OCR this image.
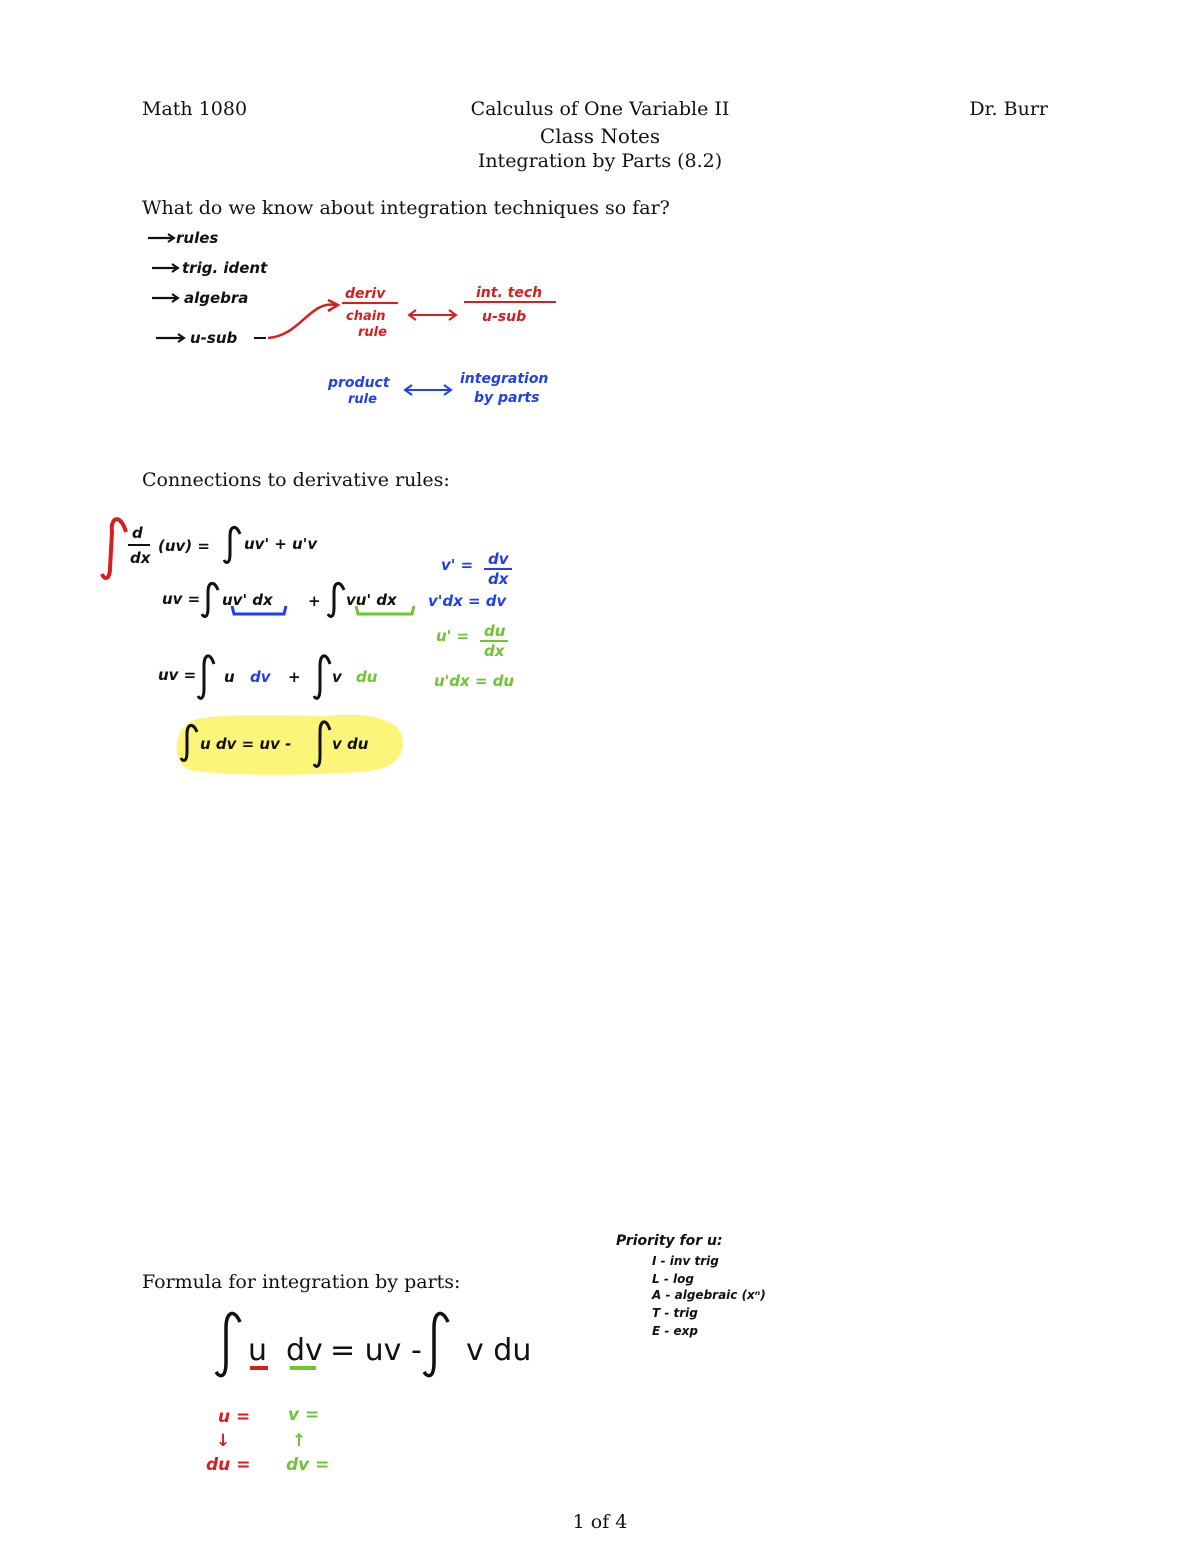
Math 1080	Calculus of One Variable II	Dr. Burr
Class Notes
Integration by Parts (8.2)
What do we know about integration techniques so far?
Connections to derivative rules:
Formula for integration by parts:
1 of 4
rules
trig. ident
algebra
u-sub
deriv
chain
rule
int. tech
u-sub
product
rule
integration
by parts
d
dx
(uv) = uv' + u'v
v' = dv
dx
uv = uv' dx + vu' dx v'dx = dv
u' = du
dx
uv = u dv + v du	u'dx = du
u dv = uv -	v du
Priority for u:
I - inv trig
L - log
A - algebraic (xⁿ)
T - trig
E - exp
u dv = uv - v du
u =
↓
du =
v =
↑
dv =
